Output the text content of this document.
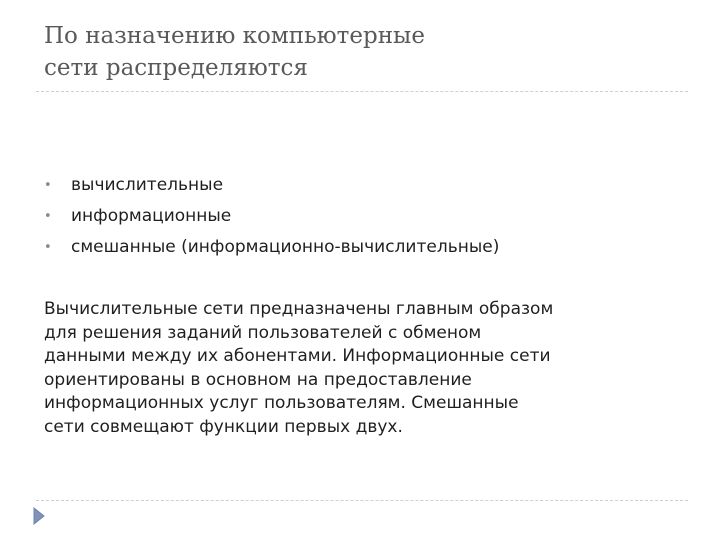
По назначению компьютерные
сети распределяются
• вычислительные
• информационные
• смешанные (информационно-вычислительные)

Вычислительные сети предназначены главным образом
для решения заданий пользователей с обменом
данными между их абонентами. Информационные сети
ориентированы в основном на предоставление
информационных услуг пользователям. Смешанные
сети совмещают функции первых двух.
